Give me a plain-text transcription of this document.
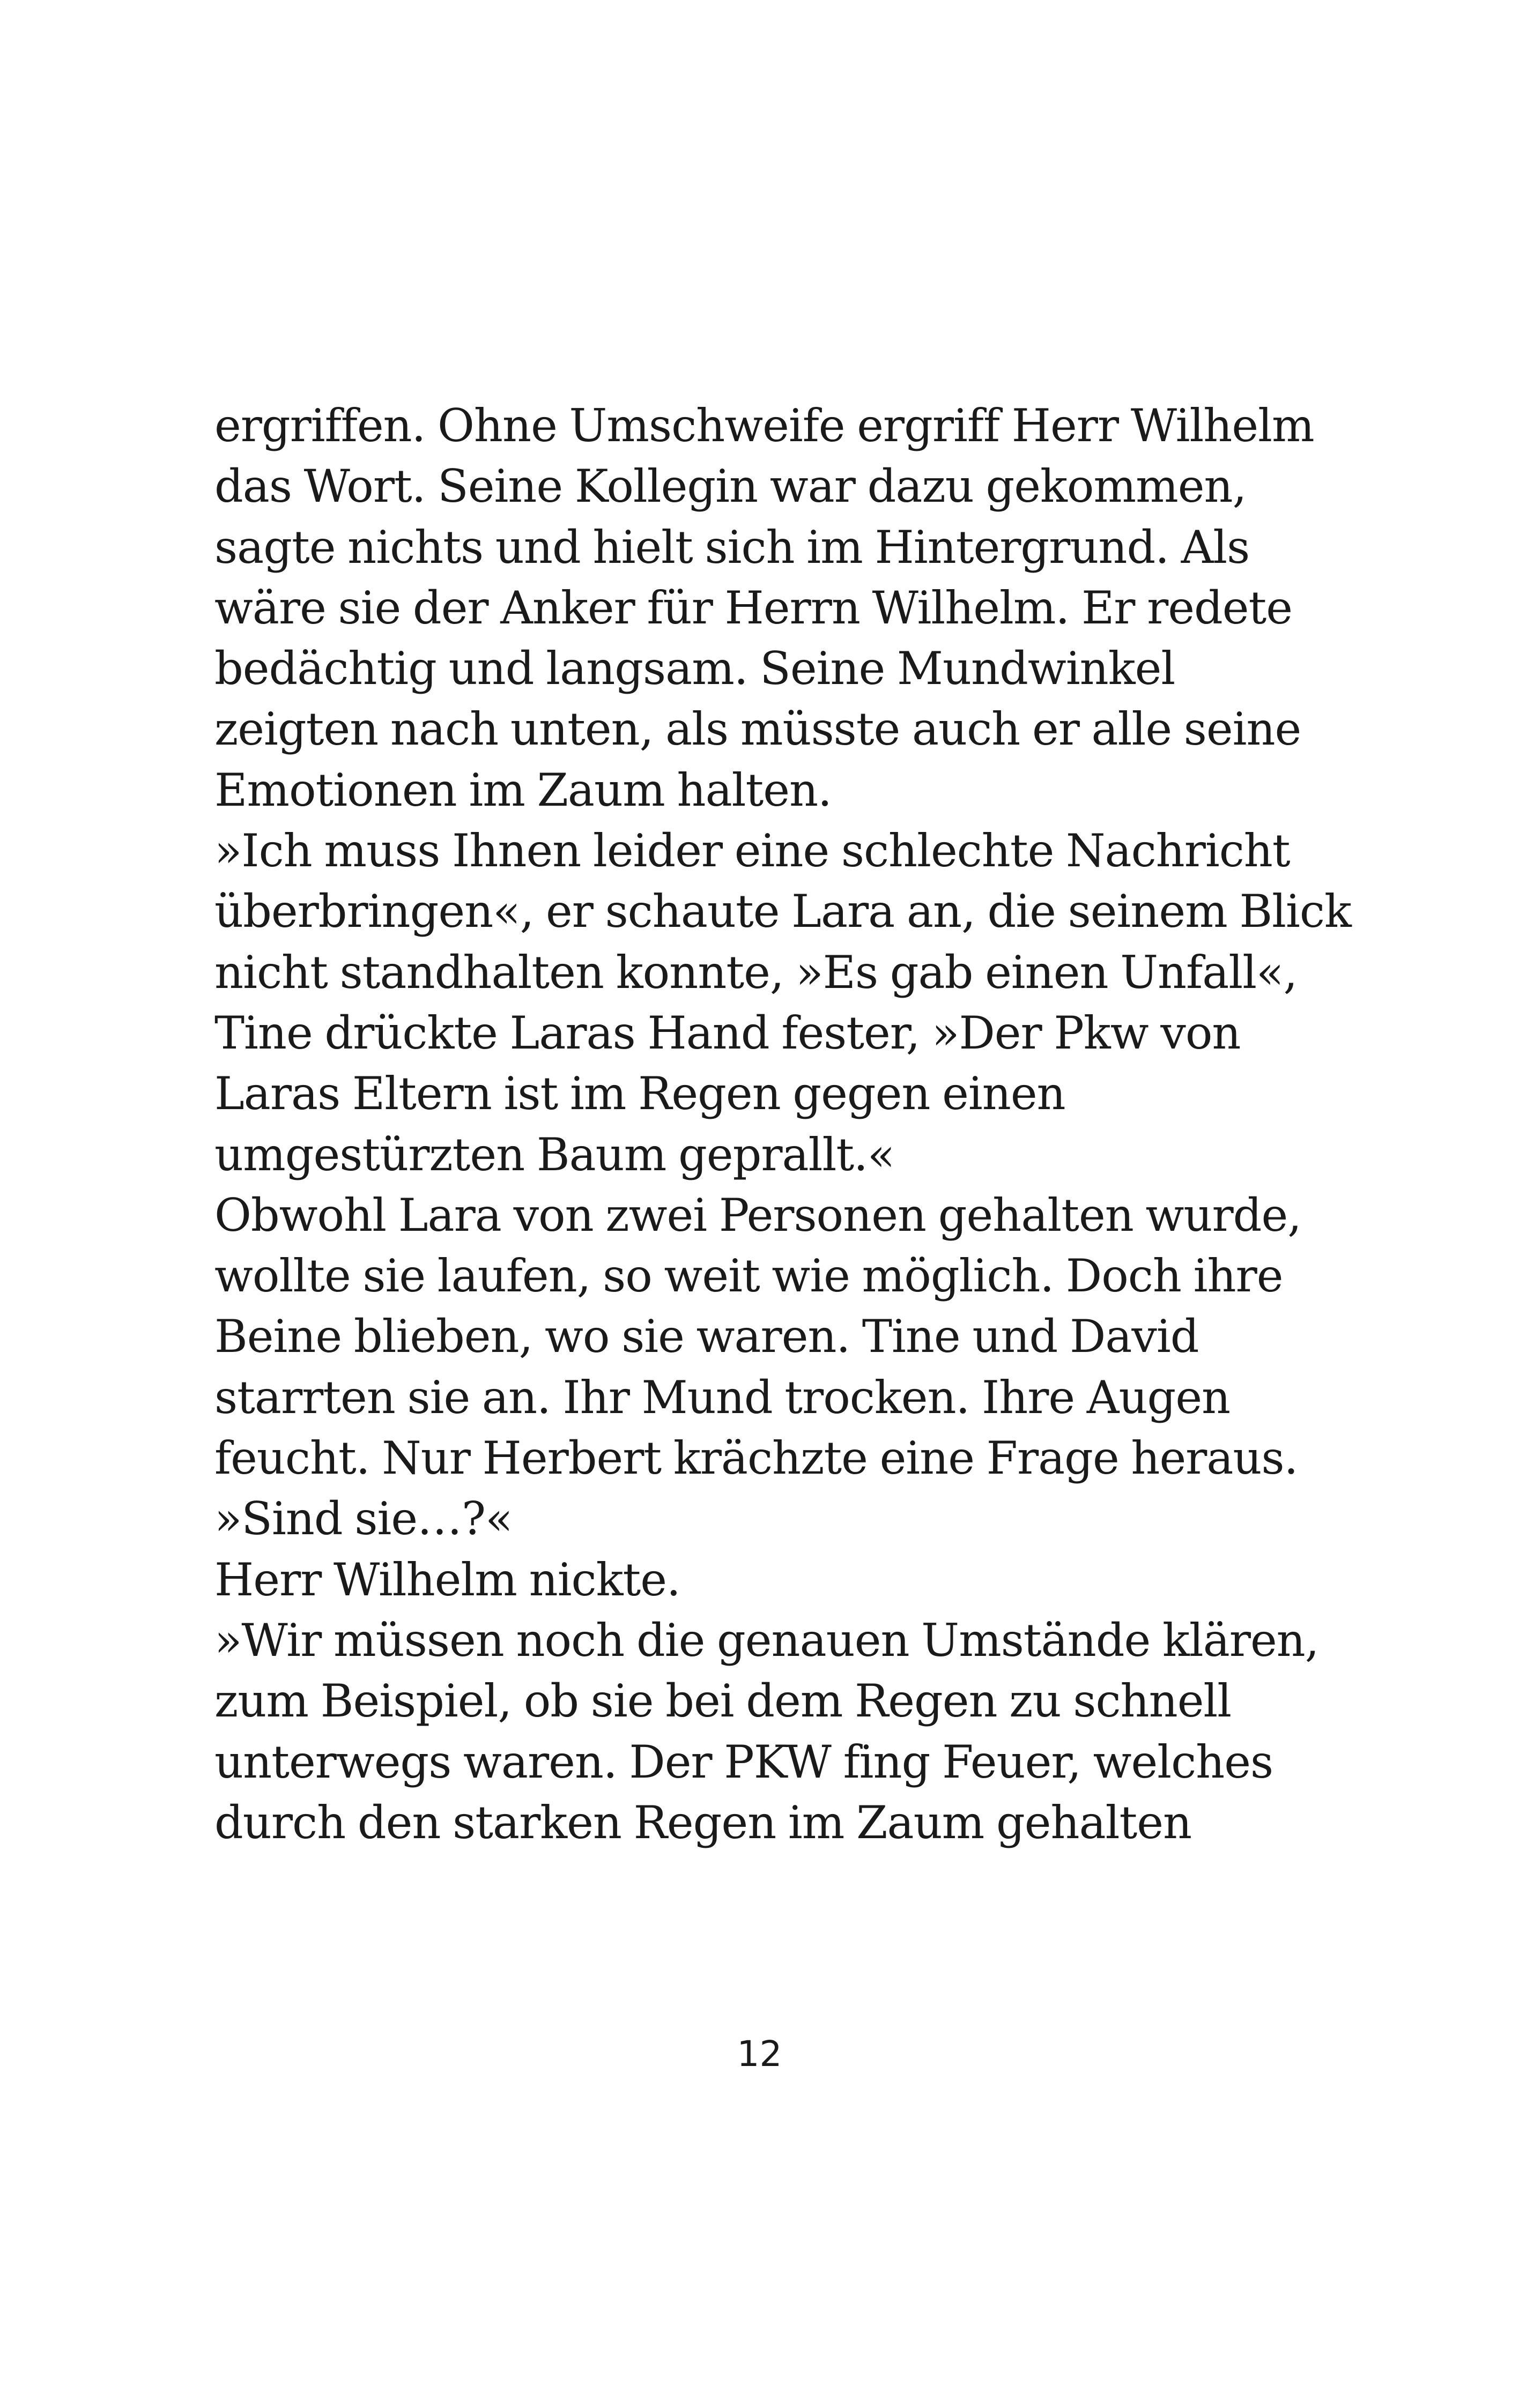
ergriffen. Ohne Umschweife ergriff Herr Wilhelm
das Wort. Seine Kollegin war dazu gekommen,
sagte nichts und hielt sich im Hintergrund. Als
wäre sie der Anker für Herrn Wilhelm. Er redete
bedächtig und langsam. Seine Mundwinkel
zeigten nach unten, als müsste auch er alle seine
Emotionen im Zaum halten.
»Ich muss Ihnen leider eine schlechte Nachricht
überbringen«, er schaute Lara an, die seinem Blick
nicht standhalten konnte, »Es gab einen Unfall«,
Tine drückte Laras Hand fester, »Der Pkw von
Laras Eltern ist im Regen gegen einen
umgestürzten Baum geprallt.«
Obwohl Lara von zwei Personen gehalten wurde,
wollte sie laufen, so weit wie möglich. Doch ihre
Beine blieben, wo sie waren. Tine und David
starrten sie an. Ihr Mund trocken. Ihre Augen
feucht. Nur Herbert krächzte eine Frage heraus.
»Sind sie…?«
Herr Wilhelm nickte.
»Wir müssen noch die genauen Umstände klären,
zum Beispiel, ob sie bei dem Regen zu schnell
unterwegs waren. Der PKW fing Feuer, welches
durch den starken Regen im Zaum gehalten
12
